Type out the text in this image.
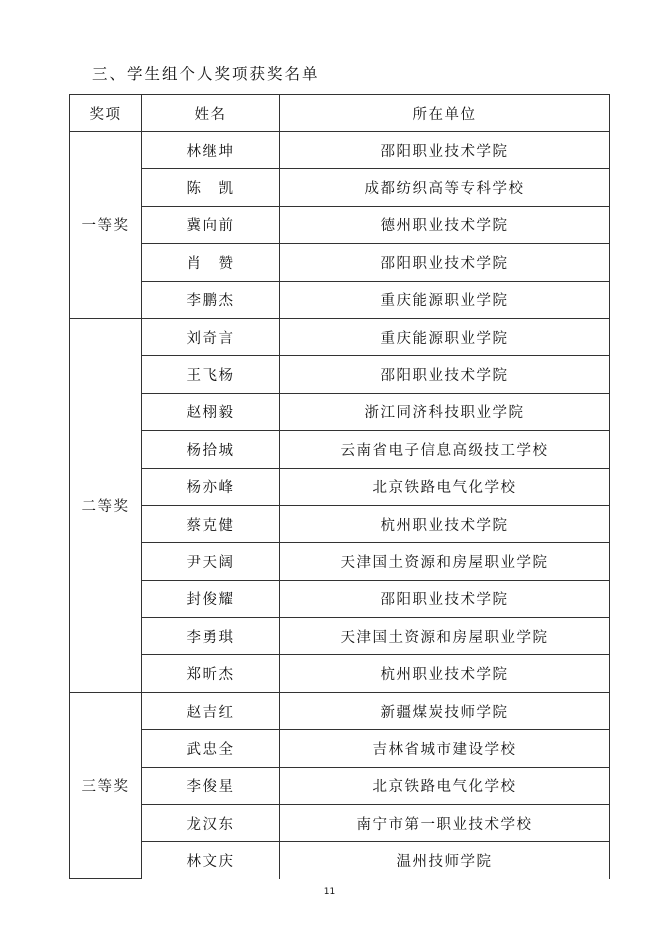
三、学生组个人奖项获奖名单
奖项	姓名	所在单位
一等奖	林继坤	邵阳职业技术学院
	陈　凯	成都纺织高等专科学校
	冀向前	德州职业技术学院
	肖　赞	邵阳职业技术学院
	李鹏杰	重庆能源职业学院
二等奖	刘奇言	重庆能源职业学院
	王飞杨	邵阳职业技术学院
	赵栩毅	浙江同济科技职业学院
	杨拾城	云南省电子信息高级技工学校
	杨亦峰	北京铁路电气化学校
	蔡克健	杭州职业技术学院
	尹天阔	天津国土资源和房屋职业学院
	封俊耀	邵阳职业技术学院
	李勇琪	天津国土资源和房屋职业学院
	郑昕杰	杭州职业技术学院
三等奖	赵吉红	新疆煤炭技师学院
	武忠全	吉林省城市建设学校
	李俊星	北京铁路电气化学校
	龙汉东	南宁市第一职业技术学校
	林文庆	温州技师学院
11
